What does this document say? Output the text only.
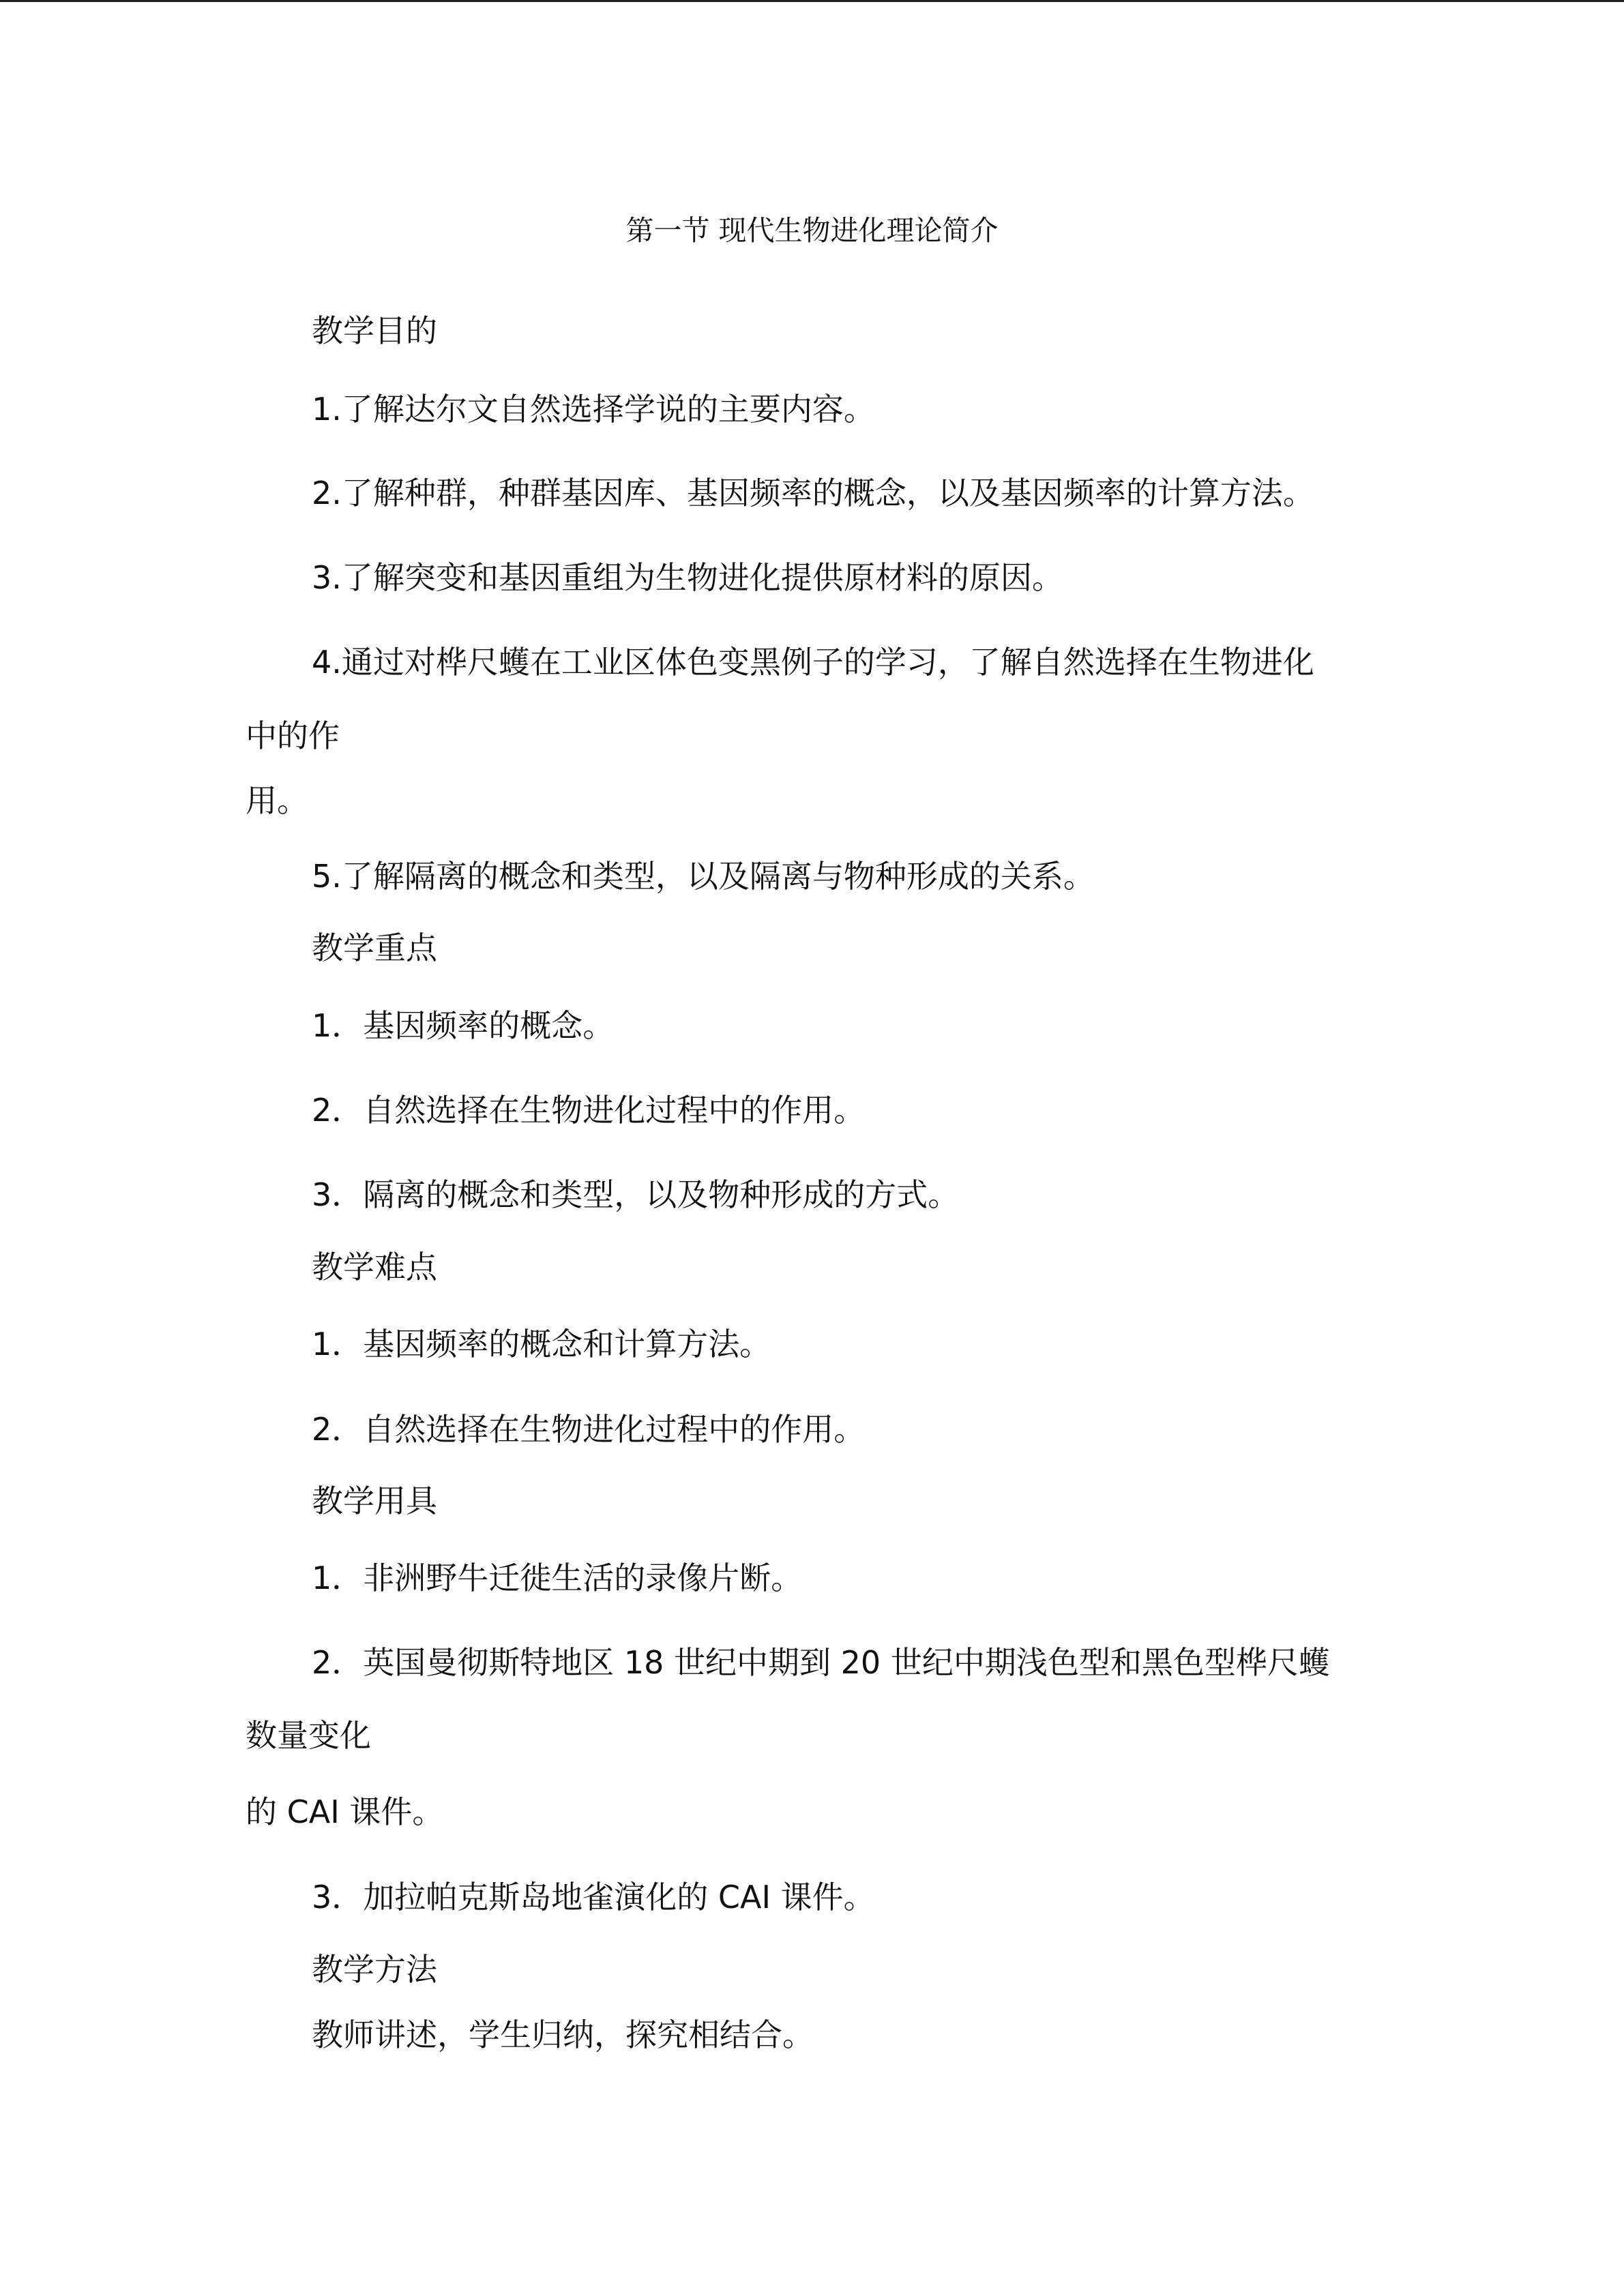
第一节 现代生物进化理论简介
教学目的
1.了解达尔文自然选择学说的主要内容。
2.了解种群，种群基因库、基因频率的概念，以及基因频率的计算方法。
3.了解突变和基因重组为生物进化提供原材料的原因。
4.通过对桦尺蠖在工业区体色变黑例子的学习，了解自然选择在生物进化
中的作
用。
5.了解隔离的概念和类型，以及隔离与物种形成的关系。
教学重点
1．基因频率的概念。
2．自然选择在生物进化过程中的作用。
3．隔离的概念和类型，以及物种形成的方式。
教学难点
1．基因频率的概念和计算方法。
2．自然选择在生物进化过程中的作用。
教学用具
1．非洲野牛迁徙生活的录像片断。
2．英国曼彻斯特地区 18 世纪中期到 20 世纪中期浅色型和黑色型桦尺蠖
数量变化
的 CAI 课件。
3．加拉帕克斯岛地雀演化的 CAI 课件。
教学方法
教师讲述，学生归纳，探究相结合。
